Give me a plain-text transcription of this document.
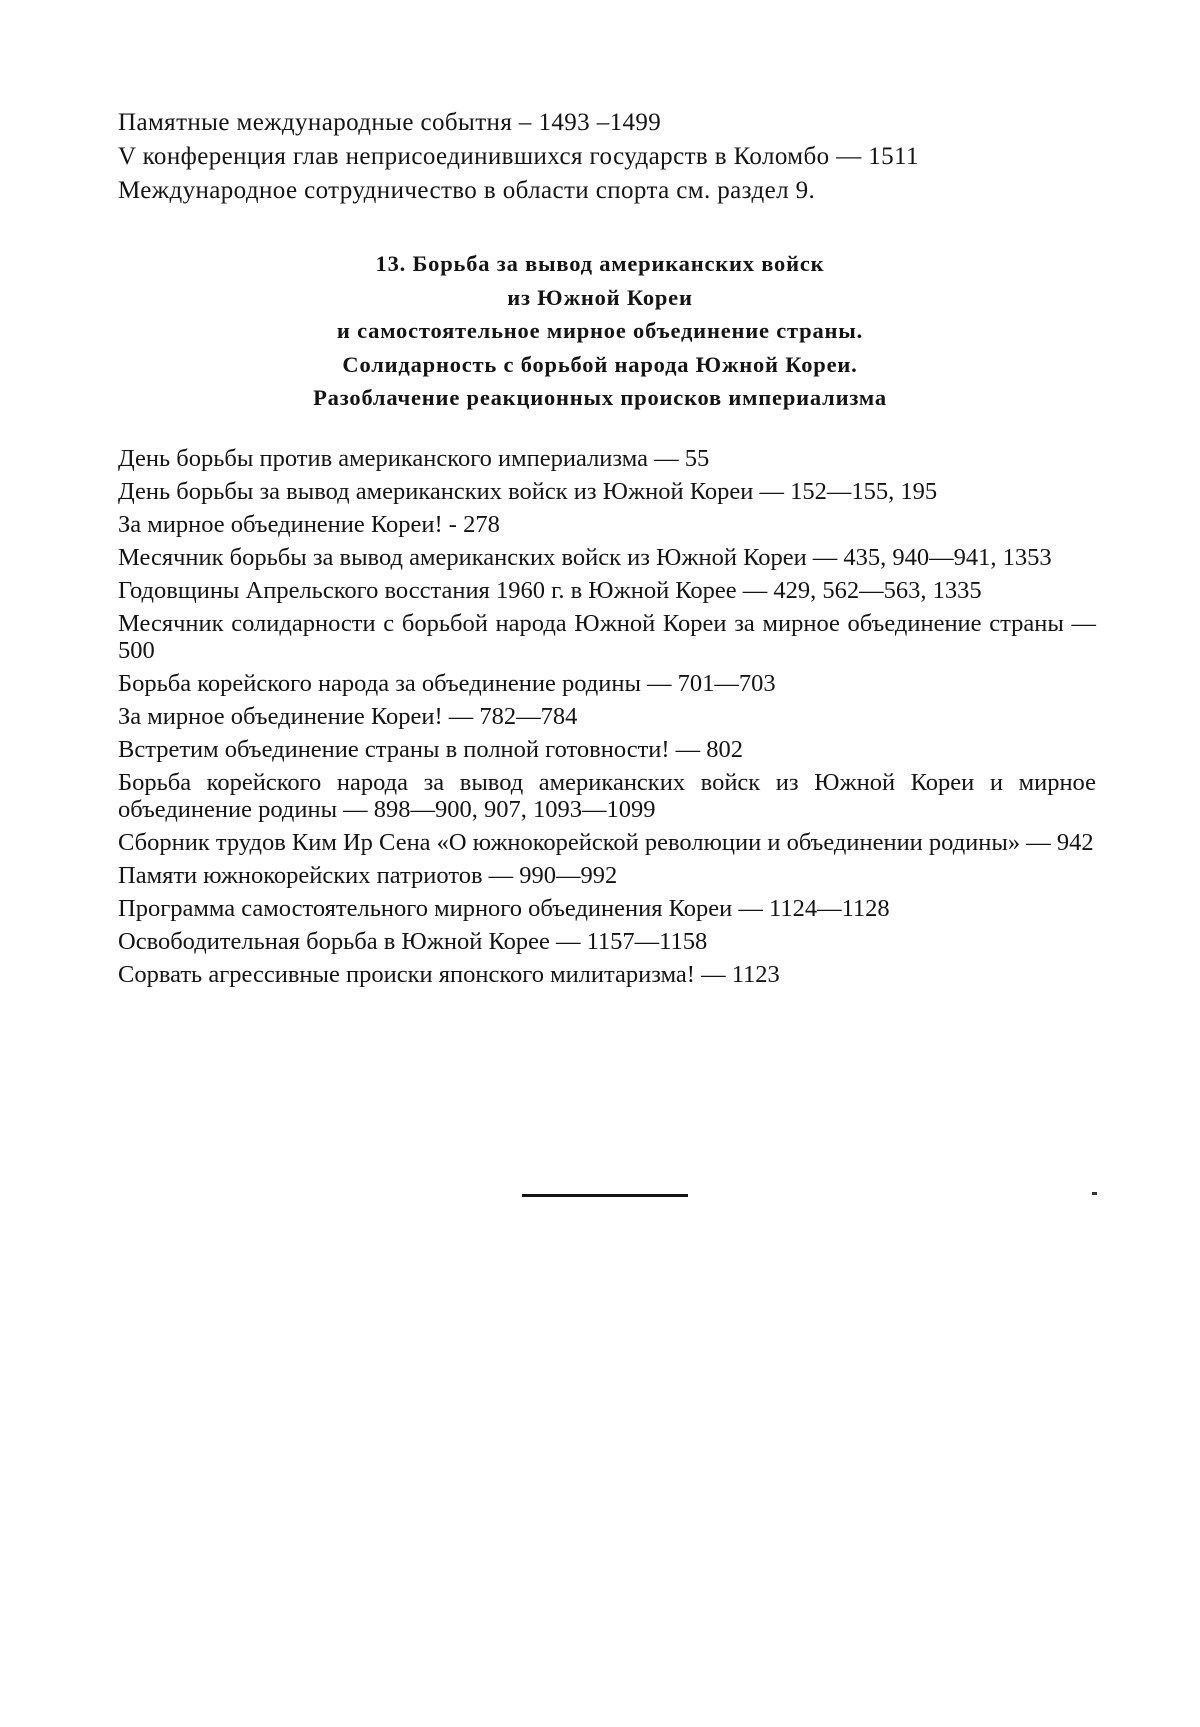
Памятные международные событня – 1493 –1499
V конференция глав неприсоединившихся государств в Коломбо — 1511
Международное сотрудничество в области спорта см. раздел 9.
13. Борьба за вывод американских войск
из Южной Кореи
и самостоятельное мирное объединение страны.
Солидарность с борьбой народа Южной Кореи.
Разоблачение реакционных происков империализма
День борьбы против американского империализма — 55
День борьбы за вывод американских войск из Южной Кореи — 152—155, 195
За мирное объединение Кореи! - 278
Месячник борьбы за вывод американских войск из Южной Кореи — 435, 940—941, 1353
Годовщины Апрельского восстания 1960 г. в Южной Корее — 429, 562—563, 1335
Месячник солидарности с борьбой народа Южной Кореи за мирное объединение страны — 500
Борьба корейского народа за объединение родины — 701—703
За мирное объединение Кореи! — 782—784
Встретим объединение страны в полной готовности! — 802
Борьба корейского народа за вывод американских войск из Южной Кореи и мирное объединение родины — 898—900, 907, 1093—1099
Сборник трудов Ким Ир Сена «О южнокорейской революции и объединении родины» — 942
Памяти южнокорейских патриотов — 990—992
Программа самостоятельного мирного объединения Кореи — 1124—1128
Освободительная борьба в Южной Корее — 1157—1158
Сорвать агрессивные происки японского милитаризма! — 1123
